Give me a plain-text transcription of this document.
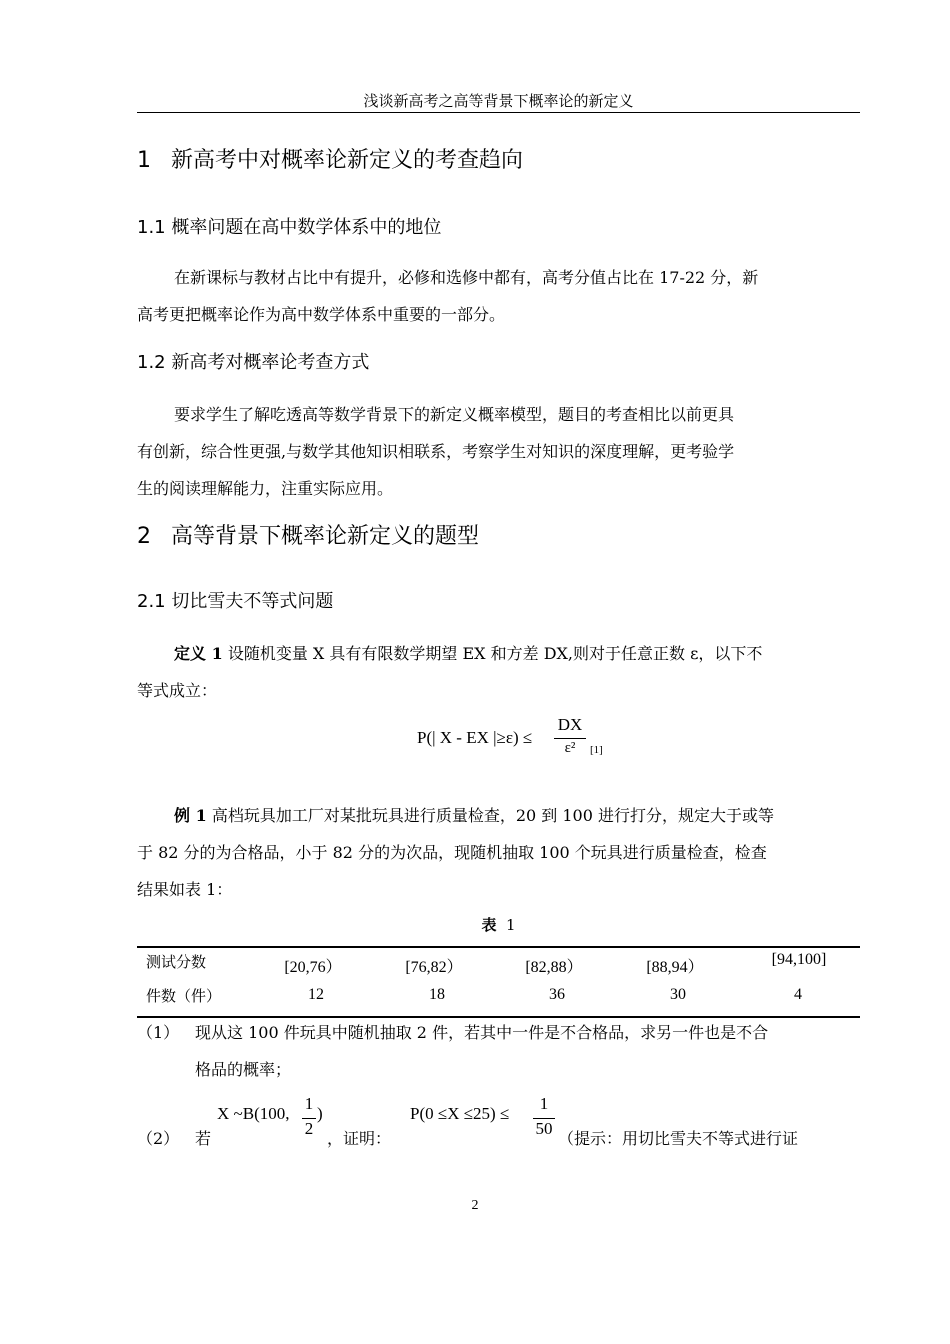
浅谈新高考之高等背景下概率论的新定义
1 新高考中对概率论新定义的考查趋向
1.1 概率问题在高中数学体系中的地位
在新课标与教材占比中有提升，必修和选修中都有，高考分值占比在 17-22 分，新
高考更把概率论作为高中数学体系中重要的一部分。
1.2 新高考对概率论考查方式
要求学生了解吃透高等数学背景下的新定义概率模型，题目的考查相比以前更具
有创新，综合性更强,与数学其他知识相联系，考察学生对知识的深度理解，更考验学
生的阅读理解能力，注重实际应用。
2 高等背景下概率论新定义的题型
2.1 切比雪夫不等式问题
定义 1 设随机变量 X 具有有限数学期望 EX 和方差 DX,则对于任意正数 ε，以下不
等式成立：
P(| X - EX |≥ε) ≤
DX
ε²	[1]
例 1 高档玩具加工厂对某批玩具进行质量检查，20 到 100 进行打分，规定大于或等
于 82 分的为合格品，小于 82 分的为次品，现随机抽取 100 个玩具进行质量检查，检查
结果如表 1：
表 1
测试分数	[20,76）	[76,82）	[82,88）	[88,94）	[94,100]
件数（件）	12	18	36	30	4
（1） 现从这 100 件玩具中随机抽取 2 件，若其中一件是不合格品，求另一件也是不合
格品的概率；
（2） 若
X ~B(100,
1
2
)
，证明：
P(0 ≤X ≤25) ≤
1
50
（提示：用切比雪夫不等式进行证
2
